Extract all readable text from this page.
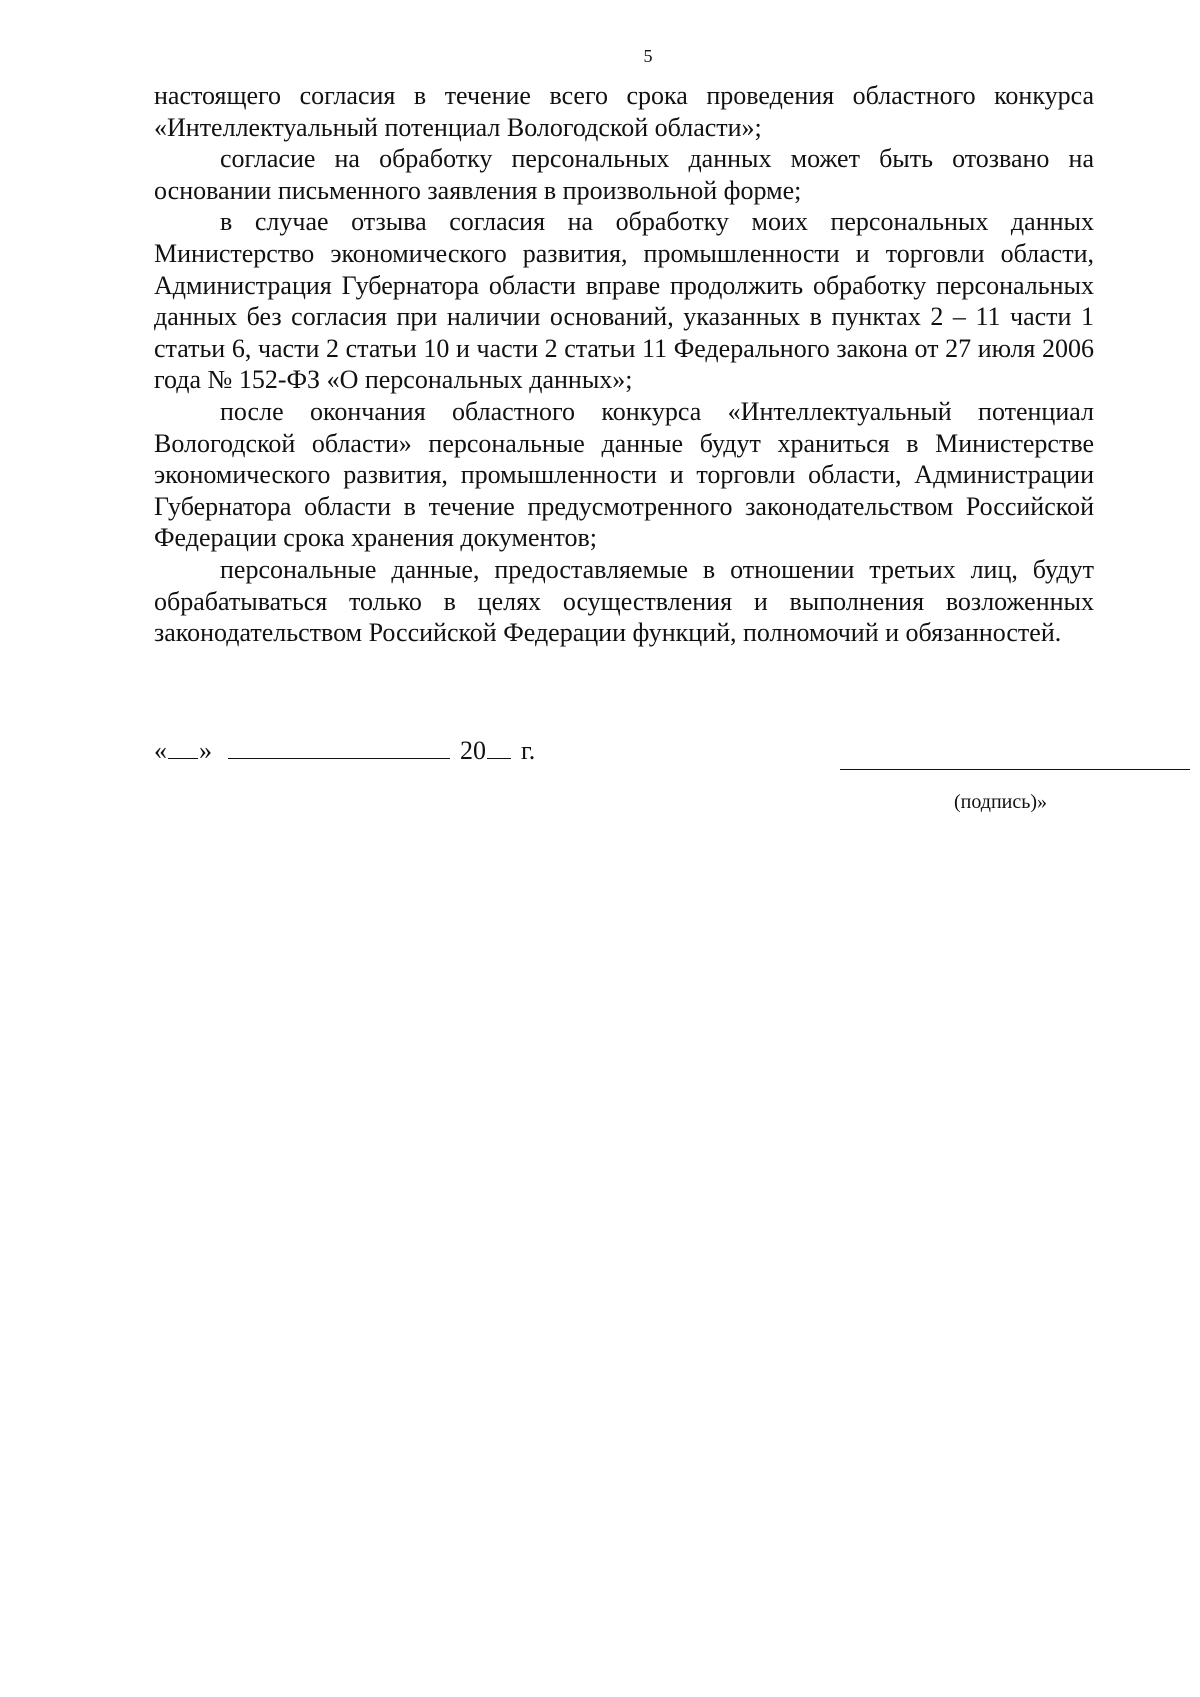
5

настоящего согласия в течение всего срока проведения областного конкурса «Интеллектуальный потенциал Вологодской области»;

согласие на обработку персональных данных может быть отозвано на основании письменного заявления в произвольной форме;

в случае отзыва согласия на обработку моих персональных данных Министерство экономического развития, промышленности и торговли области, Администрация Губернатора области вправе продолжить обработку персональных данных без согласия при наличии оснований, указанных в пунктах 2 – 11 части 1 статьи 6, части 2 статьи 10 и части 2 статьи 11 Федерального закона от 27 июля 2006 года № 152-ФЗ «О персональных данных»;

после окончания областного конкурса «Интеллектуальный потенциал Вологодской области» персональные данные будут храниться в Министерстве экономического развития, промышленности и торговли области, Администрации Губернатора области в течение предусмотренного законодательством Российской Федерации срока хранения документов;

персональные данные, предоставляемые в отношении третьих лиц, будут обрабатываться только в целях осуществления и выполнения возложенных законодательством Российской Федерации функций, полномочий и обязанностей.

« »	20 г.
(подпись)»
